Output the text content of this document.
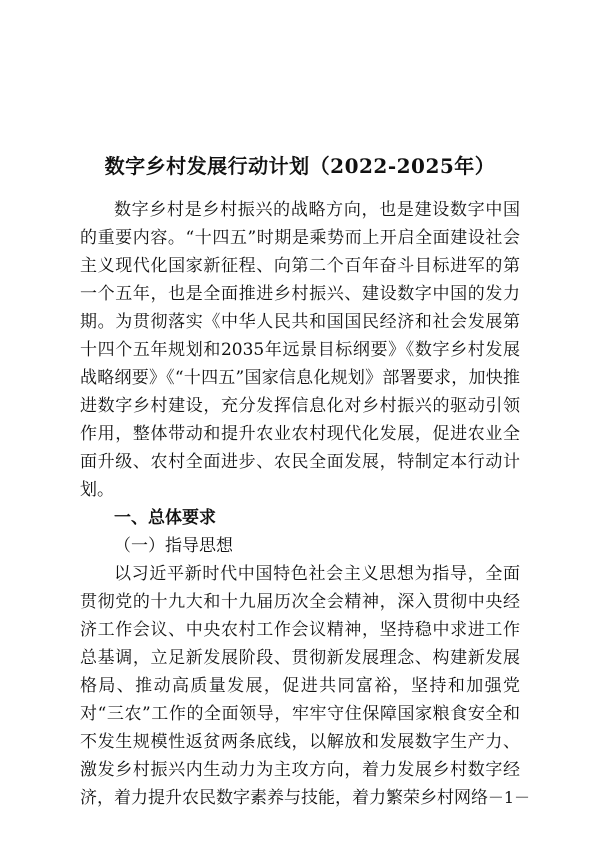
数字乡村发展行动计划（2022-2025年）

数字乡村是乡村振兴的战略方向，也是建设数字中国的重要内容。“十四五”时期是乘势而上开启全面建设社会主义现代化国家新征程、向第二个百年奋斗目标进军的第一个五年，也是全面推进乡村振兴、建设数字中国的发力期。为贯彻落实《中华人民共和国国民经济和社会发展第十四个五年规划和2035年远景目标纲要》《数字乡村发展战略纲要》《“十四五”国家信息化规划》部署要求，加快推进数字乡村建设，充分发挥信息化对乡村振兴的驱动引领作用，整体带动和提升农业农村现代化发展，促进农业全面升级、农村全面进步、农民全面发展，特制定本行动计划。

一、总体要求

（一）指导思想

以习近平新时代中国特色社会主义思想为指导，全面贯彻党的十九大和十九届历次全会精神，深入贯彻中央经济工作会议、中央农村工作会议精神，坚持稳中求进工作总基调，立足新发展阶段、贯彻新发展理念、构建新发展格局、推动高质量发展，促进共同富裕，坚持和加强党对“三农”工作的全面领导，牢牢守住保障国家粮食安全和不发生规模性返贫两条底线，以解放和发展数字生产力、激发乡村振兴内生动力为主攻方向，着力发展乡村数字经济，着力提升农民数字素养与技能，着力繁荣乡村网络 －1－
